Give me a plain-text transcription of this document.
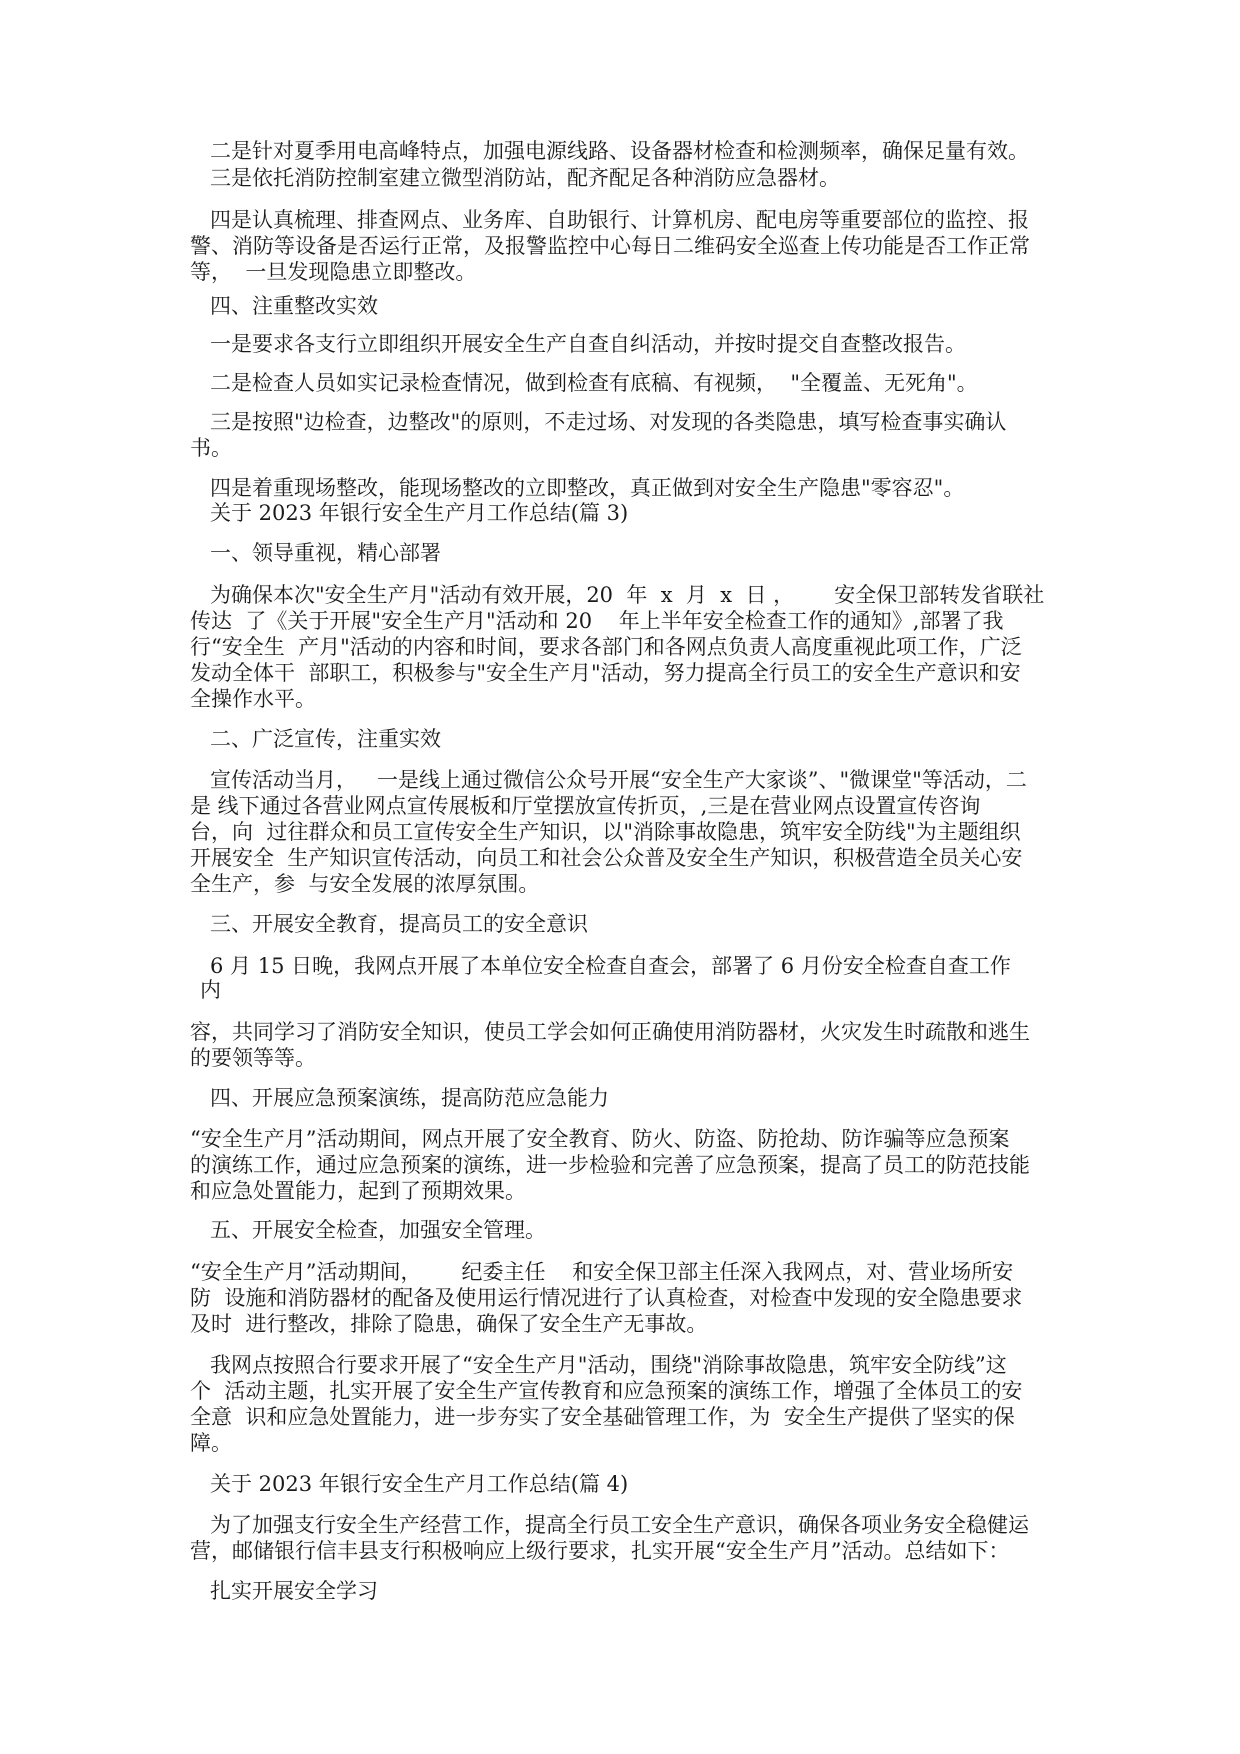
二是针对夏季用电高峰特点，加强电源线路、设备器材检查和检测频率，确保足量有效。
三是依托消防控制室建立微型消防站，配齐配足各种消防应急器材。
四是认真梳理、排查网点、业务库、自助银行、计算机房、配电房等重要部位的监控、报
警、消防等设备是否运行正常，及报警监控中心每日二维码安全巡查上传功能是否工作正常
等，  一旦发现隐患立即整改。
四、注重整改实效
一是要求各支行立即组织开展安全生产自查自纠活动，并按时提交自查整改报告。
二是检查人员如实记录检查情况，做到检查有底稿、有视频，  "全覆盖、无死角"。
三是按照"边检查，边整改"的原则，不走过场、对发现的各类隐患，填写检查事实确认
书。
四是着重现场整改，能现场整改的立即整改，真正做到对安全生产隐患"零容忍"。
关于 2023 年银行安全生产月工作总结(篇 3)
一、领导重视，精心部署
为确保本次"安全生产月"活动有效开展，20  年  x  月  x  日 ，      安全保卫部转发省联社
传达  了《关于开展"安全生产月"活动和 20    年上半年安全检查工作的通知》,部署了我
行“安全生  产月"活动的内容和时间，要求各部门和各网点负责人高度重视此项工作，广泛
发动全体干  部职工，积极参与"安全生产月"活动，努力提高全行员工的安全生产意识和安
全操作水平。
二、广泛宣传，注重实效
宣传活动当月，   一是线上通过微信公众号开展“安全生产大家谈”、"微课堂"等活动，二
是 线下通过各营业网点宣传展板和厅堂摆放宣传折页，,三是在营业网点设置宣传咨询
台，向  过往群众和员工宣传安全生产知识，以"消除事故隐患，筑牢安全防线"为主题组织
开展安全  生产知识宣传活动，向员工和社会公众普及安全生产知识，积极营造全员关心安
全生产，参  与安全发展的浓厚氛围。
三、开展安全教育，提高员工的安全意识
6 月 15 日晚，我网点开展了本单位安全检查自查会，部署了 6 月份安全检查自查工作
内
容，共同学习了消防安全知识，使员工学会如何正确使用消防器材，火灾发生时疏散和逃生
的要领等等。
四、开展应急预案演练，提高防范应急能力
“安全生产月”活动期间，网点开展了安全教育、防火、防盗、防抢劫、防诈骗等应急预案
的演练工作，通过应急预案的演练，进一步检验和完善了应急预案，提高了员工的防范技能
和应急处置能力，起到了预期效果。
五、开展安全检查，加强安全管理。
“安全生产月”活动期间，      纪委主任    和安全保卫部主任深入我网点，对、营业场所安
防  设施和消防器材的配备及使用运行情况进行了认真检查，对检查中发现的安全隐患要求
及时  进行整改，排除了隐患，确保了安全生产无事故。
我网点按照合行要求开展了“安全生产月"活动，围绕"消除事故隐患，筑牢安全防线”这
个  活动主题，扎实开展了安全生产宣传教育和应急预案的演练工作，增强了全体员工的安
全意  识和应急处置能力，进一步夯实了安全基础管理工作，为  安全生产提供了坚实的保
障。
关于 2023 年银行安全生产月工作总结(篇 4)
为了加强支行安全生产经营工作，提高全行员工安全生产意识，确保各项业务安全稳健运
营，邮储银行信丰县支行积极响应上级行要求，扎实开展“安全生产月”活动。总结如下：
扎实开展安全学习
